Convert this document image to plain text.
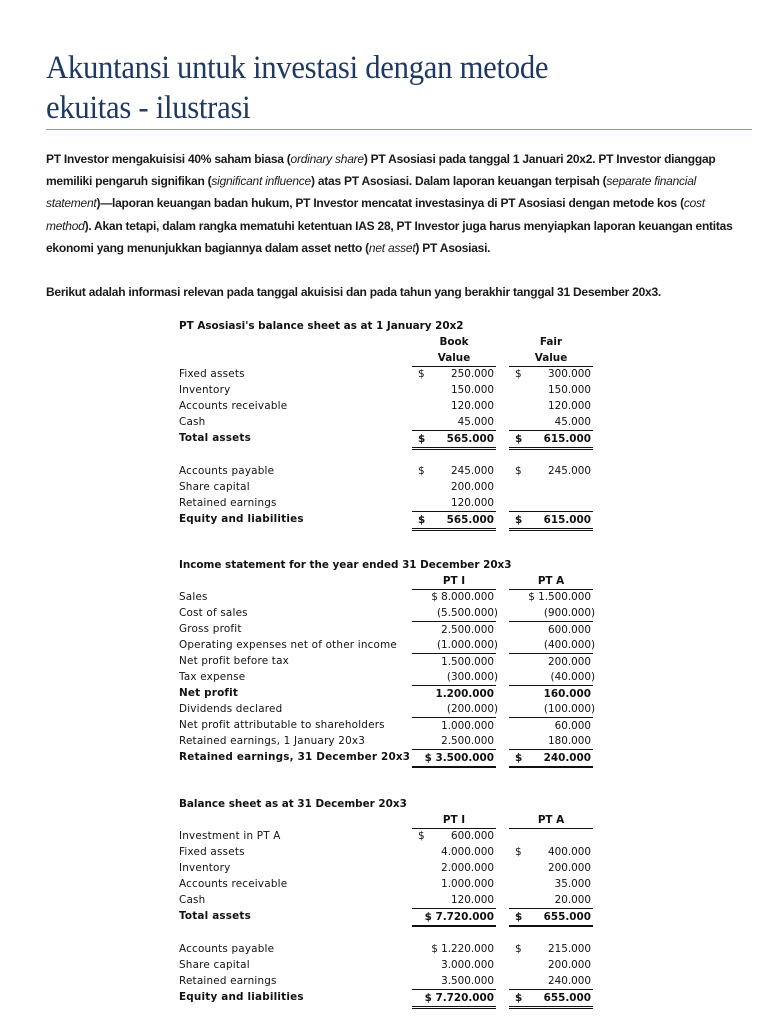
Akuntansi untuk investasi dengan metode
ekuitas - ilustrasi
PT Investor mengakuisisi 40% saham biasa (ordinary share) PT Asosiasi pada tanggal 1 Januari 20x2. PT Investor dianggap memiliki pengaruh signifikan (significant influence) atas PT Asosiasi. Dalam laporan keuangan terpisah (separate financial statement)—laporan keuangan badan hukum, PT Investor mencatat investasinya di PT Asosiasi dengan metode kos (cost method). Akan tetapi, dalam rangka mematuhi ketentuan IAS 28, PT Investor juga harus menyiapkan laporan keuangan entitas ekonomi yang menunjukkan bagiannya dalam asset netto (net asset) PT Asosiasi.
Berikut adalah informasi relevan pada tanggal akuisisi dan pada tahun yang berakhir tanggal 31 Desember 20x3.
PT Asosiasi's balance sheet as at 1 January 20x2
Book	Fair
Value	Value
Fixed assets	$	250.000 $	300.000
Inventory	150.000	150.000
Accounts receivable	120.000	120.000
Cash	45.000	45.000
Total assets	$ 565.000 $ 615.000
Accounts payable	$	245.000 $	245.000
Share capital	200.000
Retained earnings	120.000
Equity and liabilities	$ 565.000 $ 615.000
Income statement for the year ended 31 December 20x3
PT I	PT A
Sales	$ 8.000.000	$ 1.500.000
Cost of sales	(5.500.000)	(900.000)
Gross profit	2.500.000	600.000
Operating expenses net of other income	(1.000.000)	(400.000)
Net profit before tax	1.500.000	200.000
Tax expense	(300.000)	(40.000)
Net profit	1.200.000	160.000
Dividends declared	(200.000)	(100.000)
Net profit attributable to shareholders	1.000.000	60.000
Retained earnings, 1 January 20x3	2.500.000	180.000
Retained earnings, 31 December 20x3 $ 3.500.000 $ 240.000
Balance sheet as at 31 December 20x3
PT I	PT A
Investment in PT A	$	600.000
Fixed assets	4.000.000 $	400.000
Inventory	2.000.000	200.000
Accounts receivable	1.000.000	35.000
Cash	120.000	20.000
Total assets	$ 7.720.000 $ 655.000
Accounts payable	$ 1.220.000 $	215.000
Share capital	3.000.000	200.000
Retained earnings	3.500.000	240.000
Equity and liabilities	$ 7.720.000 $ 655.000
